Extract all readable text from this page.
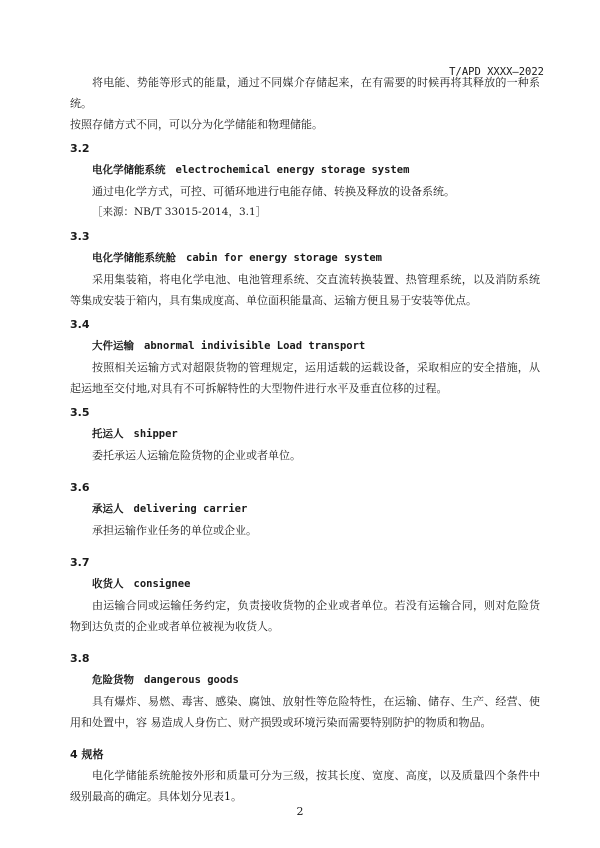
T/APD XXXX—2022

将电能、势能等形式的能量，通过不同媒介存储起来，在有需要的时候再将其释放的一种系统。

按照存储方式不同，可以分为化学储能和物理储能。

3.2
电化学储能系统 electrochemical energy storage system

通过电化学方式，可控、可循环地进行电能存储、转换及释放的设备系统。

［来源：NB/T 33015-2014，3.1］
3.3
电化学储能系统舱 cabin for energy storage system

采用集装箱，将电化学电池、电池管理系统、交直流转换装置、热管理系统，以及消防系统等集成安装于箱内，具有集成度高、单位面积能量高、运输方便且易于安装等优点。

3.4
大件运输 abnormal indivisible Load transport

按照相关运输方式对超限货物的管理规定，运用适载的运载设备，采取相应的安全措施，从起运地至交付地,对具有不可拆解特性的大型物件进行水平及垂直位移的过程。

3.5
托运人 shipper

委托承运人运输危险货物的企业或者单位。

3.6
承运人 delivering carrier

承担运输作业任务的单位或企业。

3.7
收货人 consignee

由运输合同或运输任务约定，负责接收货物的企业或者单位。若没有运输合同，则对危险货物到达负责的企业或者单位被视为收货人。

3.8
危险货物 dangerous goods

具有爆炸、易燃、毒害、感染、腐蚀、放射性等危险特性，在运输、储存、生产、经营、使用和处置中，容 易造成人身伤亡、财产损毁或环境污染而需要特别防护的物质和物品。

4 规格

电化学储能系统舱按外形和质量可分为三级，按其长度、宽度、高度，以及质量四个条件中级别最高的确定。具体划分见表1。

2
